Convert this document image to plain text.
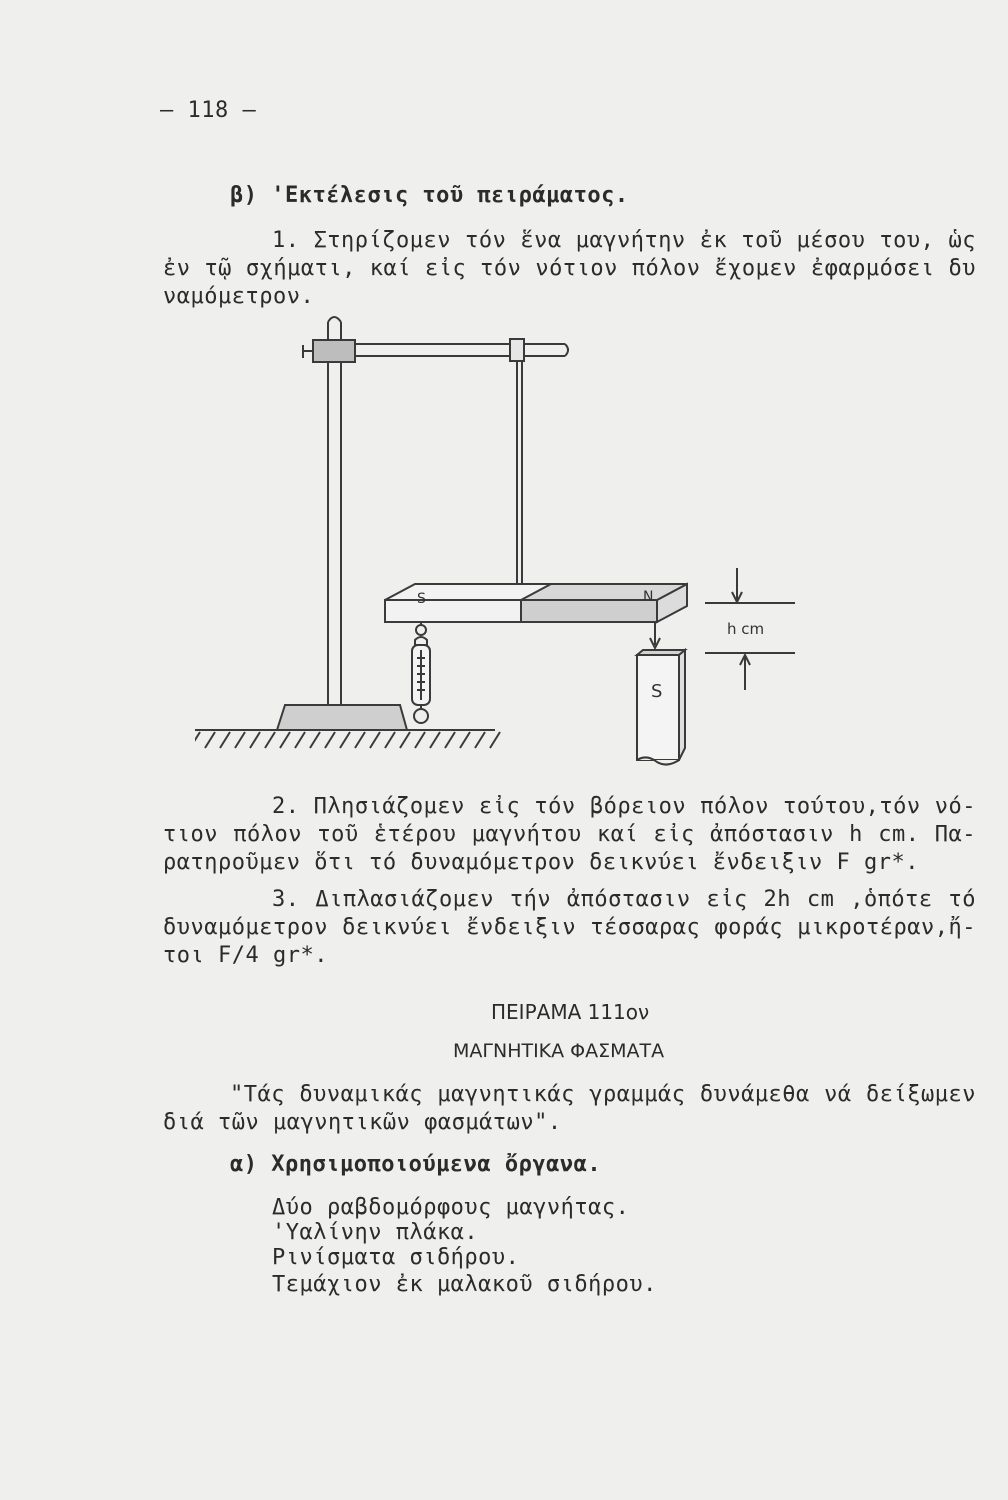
– 118 –
β) 'Εκτέλεσις τοῦ πειράματος.
1. Στηρίζομεν τόν ἕνα μαγνήτην ἐκ τοῦ μέσου του, ὡς
ἐν τῷ σχήματι, καί εἰς τόν νότιον πόλον ἔχομεν ἐφαρμόσει δυ
ναμόμετρον.
S	N
h cm
S
2. Πλησιάζομεν εἰς τόν βόρειον πόλον τούτου,τόν νό-
τιον πόλον τοῦ ἑτέρου μαγνήτου καί εἰς ἀπόστασιν h cm. Πα-
ρατηροῦμεν ὅτι τό δυναμόμετρον δεικνύει ἔνδειξιν F gr*.
3. Διπλασιάζομεν τήν ἀπόστασιν εἰς 2h cm ,ὁπότε τό
δυναμόμετρον δεικνύει ἔνδειξιν τέσσαρας φοράς μικροτέραν,ἤ-
τοι F/4 gr*.
ΠΕΙΡΑΜΑ 111ον
ΜΑΓΝΗΤΙΚΑ ΦΑΣΜΑΤΑ
"Τάς δυναμικάς μαγνητικάς γραμμάς δυνάμεθα νά δείξωμεν
διά τῶν μαγνητικῶν φασμάτων".
α) Χρησιμοποιούμενα ὄργανα.
Δύο ραβδομόρφους μαγνήτας.
'Υαλίνην πλάκα.
Ρινίσματα σιδήρου.
Τεμάχιον ἐκ μαλακοῦ σιδήρου.
